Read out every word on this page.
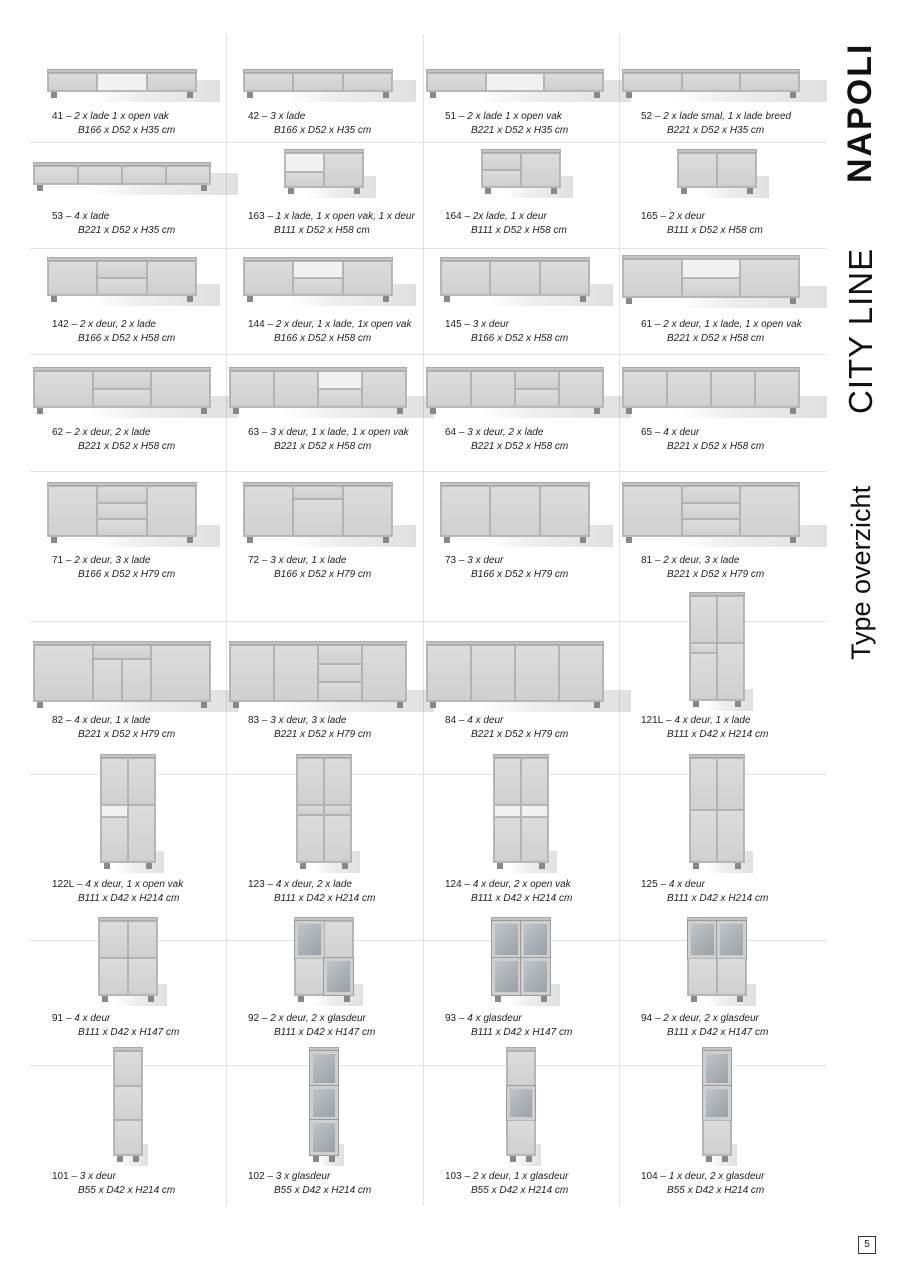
NAPOLI
CITY LINE
Type overzicht
41 – 2 x lade 1 x open vak
B166 x D52 x H35 cm
42 – 3 x lade
B166 x D52 x H35 cm
51 – 2 x lade 1 x open vak
B221 x D52 x H35 cm
52 – 2 x lade smal, 1 x lade breed
B221 x D52 x H35 cm
53 – 4 x lade
B221 x D52 x H35 cm
163 – 1 x lade, 1 x open vak, 1 x deur
B111 x D52 x H58 cm
164 – 2x lade, 1 x deur
B111 x D52 x H58 cm
165 – 2 x deur
B111 x D52 x H58 cm
142 – 2 x deur, 2 x lade
B166 x D52 x H58 cm
144 – 2 x deur, 1 x lade, 1x open vak
B166 x D52 x H58 cm
145 – 3 x deur
B166 x D52 x H58 cm
61 – 2 x deur, 1 x lade, 1 x open vak
B221 x D52 x H58 cm
62 – 2 x deur, 2 x lade
B221 x D52 x H58 cm
63 – 3 x deur, 1 x lade, 1 x open vak
B221 x D52 x H58 cm
64 – 3 x deur, 2 x lade
B221 x D52 x H58 cm
65 – 4 x deur
B221 x D52 x H58 cm
71 – 2 x deur, 3 x lade
B166 x D52 x H79 cm
72 – 3 x deur, 1 x lade
B166 x D52 x H79 cm
73 – 3 x deur
B166 x D52 x H79 cm
81 – 2 x deur, 3 x lade
B221 x D52 x H79 cm
82 – 4 x deur, 1 x lade
B221 x D52 x H79 cm
83 – 3 x deur, 3 x lade
B221 x D52 x H79 cm
84 – 4 x deur
B221 x D52 x H79 cm
121L – 4 x deur, 1 x lade
B111 x D42 x H214 cm
122L – 4 x deur, 1 x open vak
B111 x D42 x H214 cm
123 – 4 x deur, 2 x lade
B111 x D42 x H214 cm
124 – 4 x deur, 2 x open vak
B111 x D42 x H214 cm
125 – 4 x deur
B111 x D42 x H214 cm
91 – 4 x deur
B111 x D42 x H147 cm
92 – 2 x deur, 2 x glasdeur
B111 x D42 x H147 cm
93 – 4 x glasdeur
B111 x D42 x H147 cm
94 – 2 x deur, 2 x glasdeur
B111 x D42 x H147 cm
101 – 3 x deur
B55 x D42 x H214 cm
102 – 3 x glasdeur
B55 x D42 x H214 cm
103 – 2 x deur, 1 x glasdeur
B55 x D42 x H214 cm
104 – 1 x deur, 2 x glasdeur
B55 x D42 x H214 cm
5
